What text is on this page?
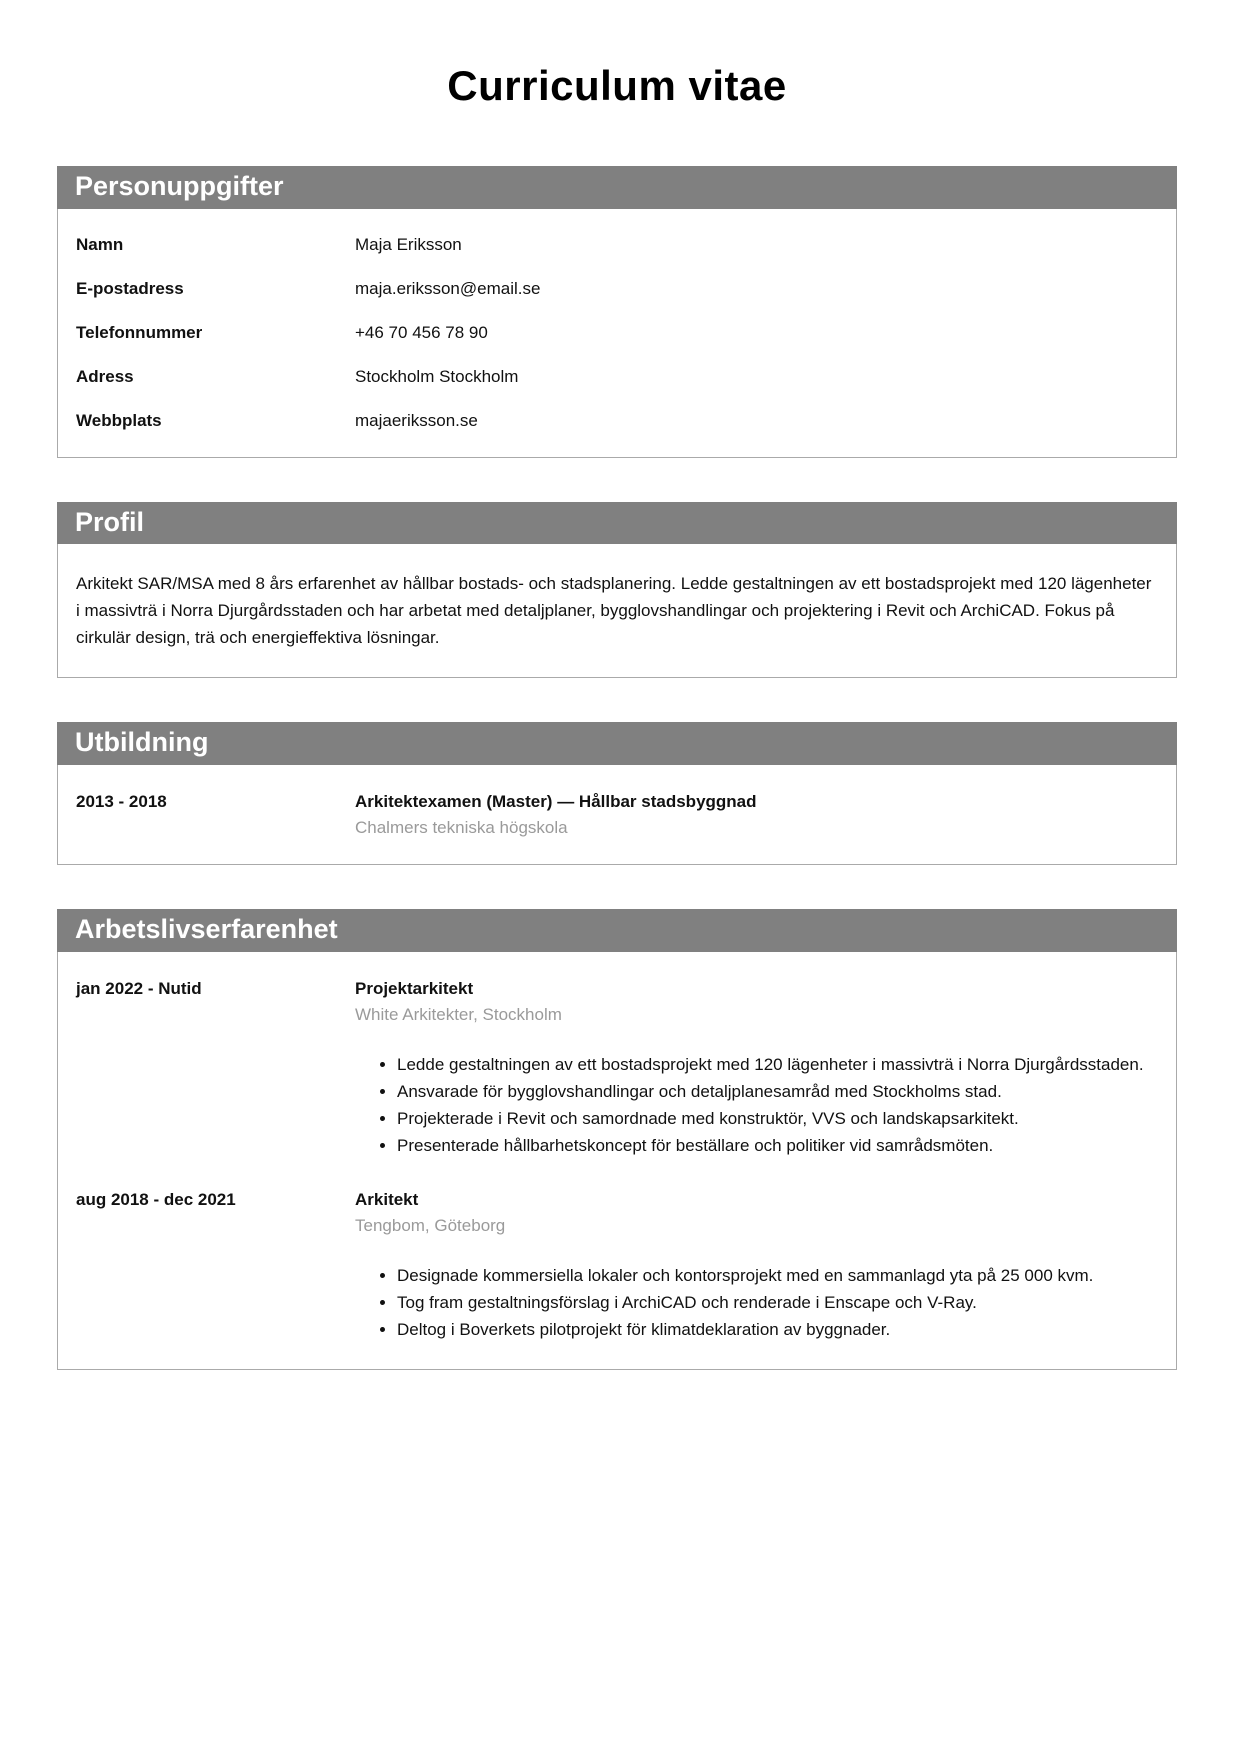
Curriculum vitae
Personuppgifter
Namn	Maja Eriksson
E-postadress	maja.eriksson@email.se
Telefonnummer	+46 70 456 78 90
Adress	Stockholm Stockholm
Webbplats	majaeriksson.se
Profil

Arkitekt SAR/MSA med 8 års erfarenhet av hållbar bostads- och stadsplanering. Ledde gestaltningen av ett bostadsprojekt med 120 lägenheter i massivträ i Norra Djurgårdsstaden och har arbetat med detaljplaner, bygglovshandlingar och projektering i Revit och ArchiCAD. Fokus på cirkulär design, trä och energieffektiva lösningar.

Utbildning
2013 - 2018	Arkitektexamen (Master) — Hållbar stadsbyggnad
Chalmers tekniska högskola
Arbetslivserfarenhet
jan 2022 - Nutid	Projektarkitekt
White Arkitekter, Stockholm
• Ledde gestaltningen av ett bostadsprojekt med 120 lägenheter i massivträ i Norra Djurgårdsstaden.
• Ansvarade för bygglovshandlingar och detaljplanesamråd med Stockholms stad.
• Projekterade i Revit och samordnade med konstruktör, VVS och landskapsarkitekt.
• Presenterade hållbarhetskoncept för beställare och politiker vid samrådsmöten.
aug 2018 - dec 2021	Arkitekt
Tengbom, Göteborg
• Designade kommersiella lokaler och kontorsprojekt med en sammanlagd yta på 25 000 kvm.
• Tog fram gestaltningsförslag i ArchiCAD och renderade i Enscape och V-Ray.
• Deltog i Boverkets pilotprojekt för klimatdeklaration av byggnader.
